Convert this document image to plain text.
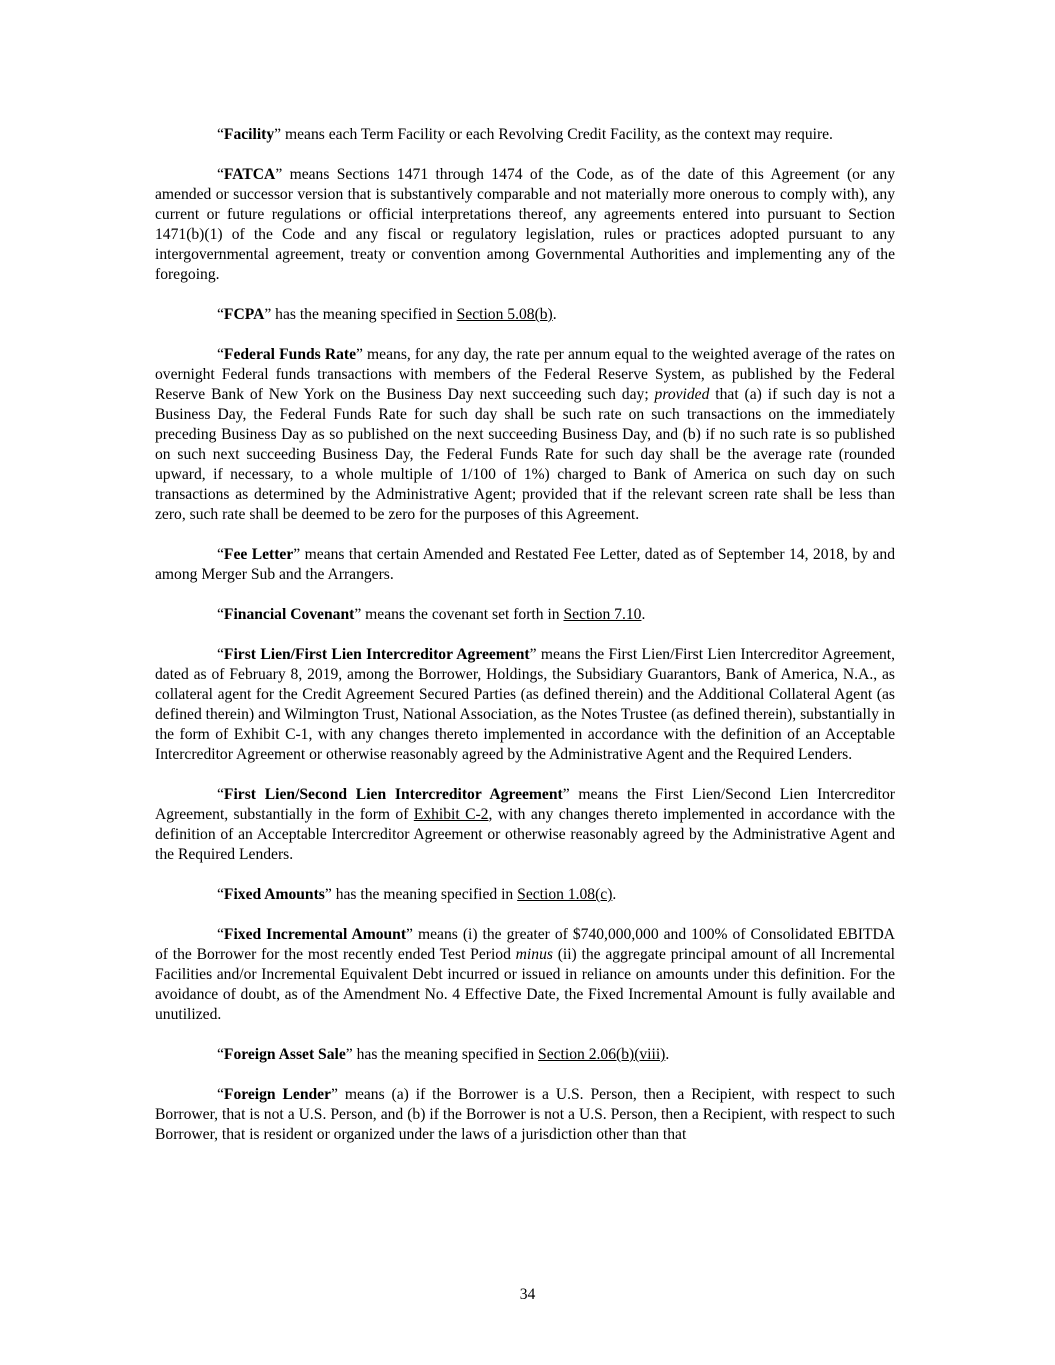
“Facility” means each Term Facility or each Revolving Credit Facility, as the context may require.

“FATCA” means Sections 1471 through 1474 of the Code, as of the date of this Agreement (or any amended or successor version that is substantively comparable and not materially more onerous to comply with), any current or future regulations or official interpretations thereof, any agreements entered into pursuant to Section 1471(b)(1) of the Code and any fiscal or regulatory legislation, rules or practices adopted pursuant to any intergovernmental agreement, treaty or convention among Governmental Authorities and implementing any of the foregoing.

“FCPA” has the meaning specified in Section 5.08(b).

“Federal Funds Rate” means, for any day, the rate per annum equal to the weighted average of the rates on overnight Federal funds transactions with members of the Federal Reserve System, as published by the Federal Reserve Bank of New York on the Business Day next succeeding such day; provided that (a) if such day is not a Business Day, the Federal Funds Rate for such day shall be such rate on such transactions on the immediately preceding Business Day as so published on the next succeeding Business Day, and (b) if no such rate is so published on such next succeeding Business Day, the Federal Funds Rate for such day shall be the average rate (rounded upward, if necessary, to a whole multiple of 1/100 of 1%) charged to Bank of America on such day on such transactions as determined by the Administrative Agent; provided that if the relevant screen rate shall be less than zero, such rate shall be deemed to be zero for the purposes of this Agreement.

“Fee Letter” means that certain Amended and Restated Fee Letter, dated as of September 14, 2018, by and among Merger Sub and the Arrangers.

“Financial Covenant” means the covenant set forth in Section 7.10.

“First Lien/First Lien Intercreditor Agreement” means the First Lien/First Lien Intercreditor Agreement, dated as of February 8, 2019, among the Borrower, Holdings, the Subsidiary Guarantors, Bank of America, N.A., as collateral agent for the Credit Agreement Secured Parties (as defined therein) and the Additional Collateral Agent (as defined therein) and Wilmington Trust, National Association, as the Notes Trustee (as defined therein), substantially in the form of Exhibit C-1, with any changes thereto implemented in accordance with the definition of an Acceptable Intercreditor Agreement or otherwise reasonably agreed by the Administrative Agent and the Required Lenders.

“First Lien/Second Lien Intercreditor Agreement” means the First Lien/Second Lien Intercreditor Agreement, substantially in the form of Exhibit C-2, with any changes thereto implemented in accordance with the definition of an Acceptable Intercreditor Agreement or otherwise reasonably agreed by the Administrative Agent and the Required Lenders.

“Fixed Amounts” has the meaning specified in Section 1.08(c).

“Fixed Incremental Amount” means (i) the greater of $740,000,000 and 100% of Consolidated EBITDA of the Borrower for the most recently ended Test Period minus (ii) the aggregate principal amount of all Incremental Facilities and/or Incremental Equivalent Debt incurred or issued in reliance on amounts under this definition. For the avoidance of doubt, as of the Amendment No. 4 Effective Date, the Fixed Incremental Amount is fully available and unutilized.

“Foreign Asset Sale” has the meaning specified in Section 2.06(b)(viii).

“Foreign Lender” means (a) if the Borrower is a U.S. Person, then a Recipient, with respect to such Borrower, that is not a U.S. Person, and (b) if the Borrower is not a U.S. Person, then a Recipient, with respect to such Borrower, that is resident or organized under the laws of a jurisdiction other than that

34
